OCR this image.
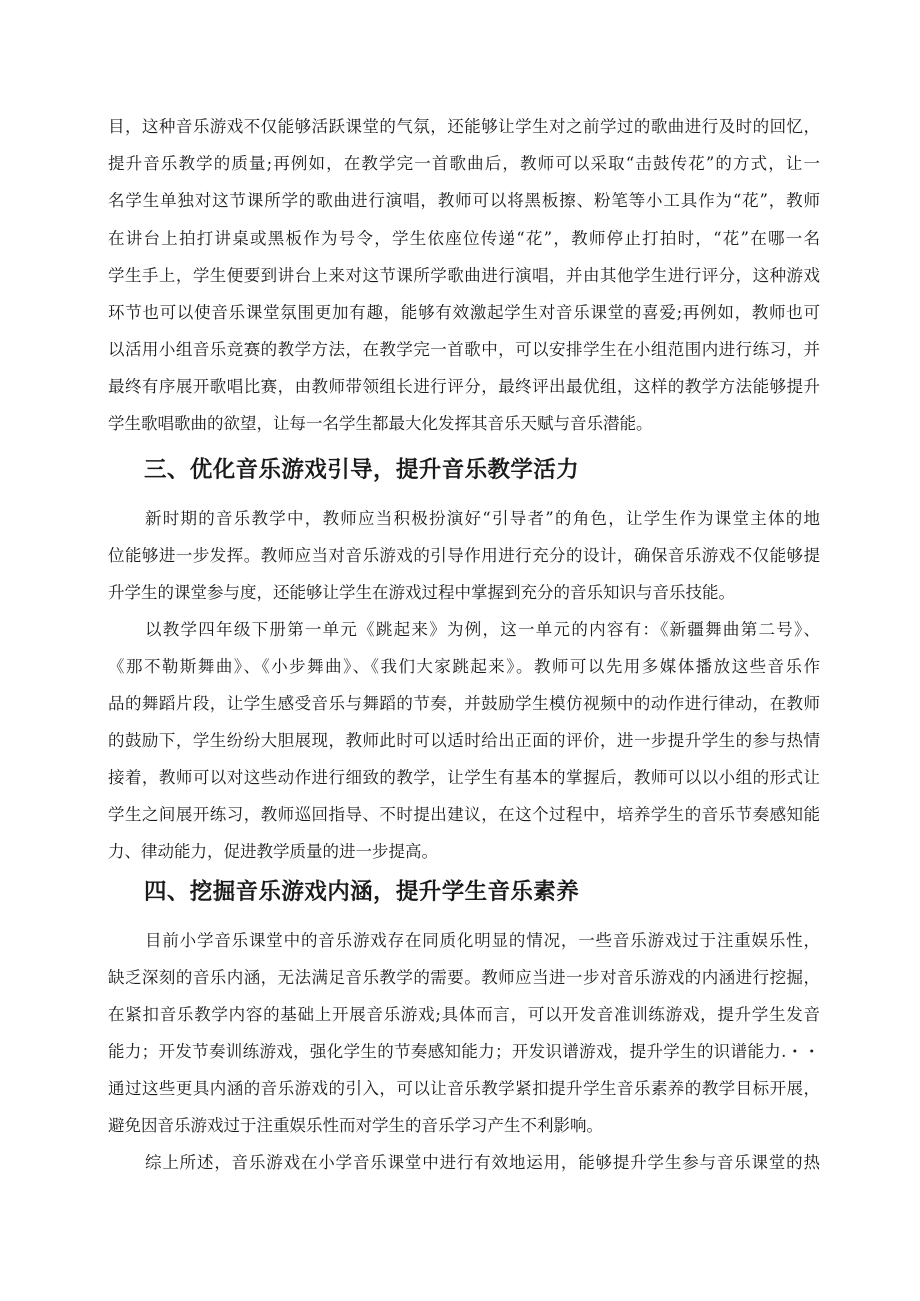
目，这种音乐游戏不仅能够活跃课堂的气氛，还能够让学生对之前学过的歌曲进行及时的回忆，
提升音乐教学的质量;再例如，在教学完一首歌曲后，教师可以采取“击鼓传花”的方式，让一
名学生单独对这节课所学的歌曲进行演唱，教师可以将黑板擦、粉笔等小工具作为“花”，教师
在讲台上拍打讲桌或黑板作为号令，学生依座位传递“花”，教师停止打拍时，“花”在哪一名
学生手上，学生便要到讲台上来对这节课所学歌曲进行演唱，并由其他学生进行评分，这种游戏
环节也可以使音乐课堂氛围更加有趣，能够有效激起学生对音乐课堂的喜爱;再例如，教师也可
以活用小组音乐竞赛的教学方法，在教学完一首歌中，可以安排学生在小组范围内进行练习，并
最终有序展开歌唱比赛，由教师带领组长进行评分，最终评出最优组，这样的教学方法能够提升
学生歌唱歌曲的欲望，让每一名学生都最大化发挥其音乐天赋与音乐潜能。
三、优化音乐游戏引导，提升音乐教学活力
新时期的音乐教学中，教师应当积极扮演好“引导者”的角色，让学生作为课堂主体的地
位能够进一步发挥。教师应当对音乐游戏的引导作用进行充分的设计，确保音乐游戏不仅能够提
升学生的课堂参与度，还能够让学生在游戏过程中掌握到充分的音乐知识与音乐技能。
以教学四年级下册第一单元《跳起来》为例，这一单元的内容有：《新疆舞曲第二号》、
《那不勒斯舞曲》、《小步舞曲》、《我们大家跳起来》。教师可以先用多媒体播放这些音乐作
品的舞蹈片段，让学生感受音乐与舞蹈的节奏，并鼓励学生模仿视频中的动作进行律动，在教师
的鼓励下，学生纷纷大胆展现，教师此时可以适时给出正面的评价，进一步提升学生的参与热情
接着，教师可以对这些动作进行细致的教学，让学生有基本的掌握后，教师可以以小组的形式让
学生之间展开练习，教师巡回指导、不时提出建议，在这个过程中，培养学生的音乐节奏感知能
力、律动能力，促进教学质量的进一步提高。
四、挖掘音乐游戏内涵，提升学生音乐素养
目前小学音乐课堂中的音乐游戏存在同质化明显的情况，一些音乐游戏过于注重娱乐性，
缺乏深刻的音乐内涵，无法满足音乐教学的需要。教师应当进一步对音乐游戏的内涵进行挖掘，
在紧扣音乐教学内容的基础上开展音乐游戏;具体而言，可以开发音准训练游戏，提升学生发音
能力；开发节奏训练游戏，强化学生的节奏感知能力；开发识谱游戏，提升学生的识谱能力.・・
通过这些更具内涵的音乐游戏的引入，可以让音乐教学紧扣提升学生音乐素养的教学目标开展，
避免因音乐游戏过于注重娱乐性而对学生的音乐学习产生不利影响。
综上所述，音乐游戏在小学音乐课堂中进行有效地运用，能够提升学生参与音乐课堂的热
